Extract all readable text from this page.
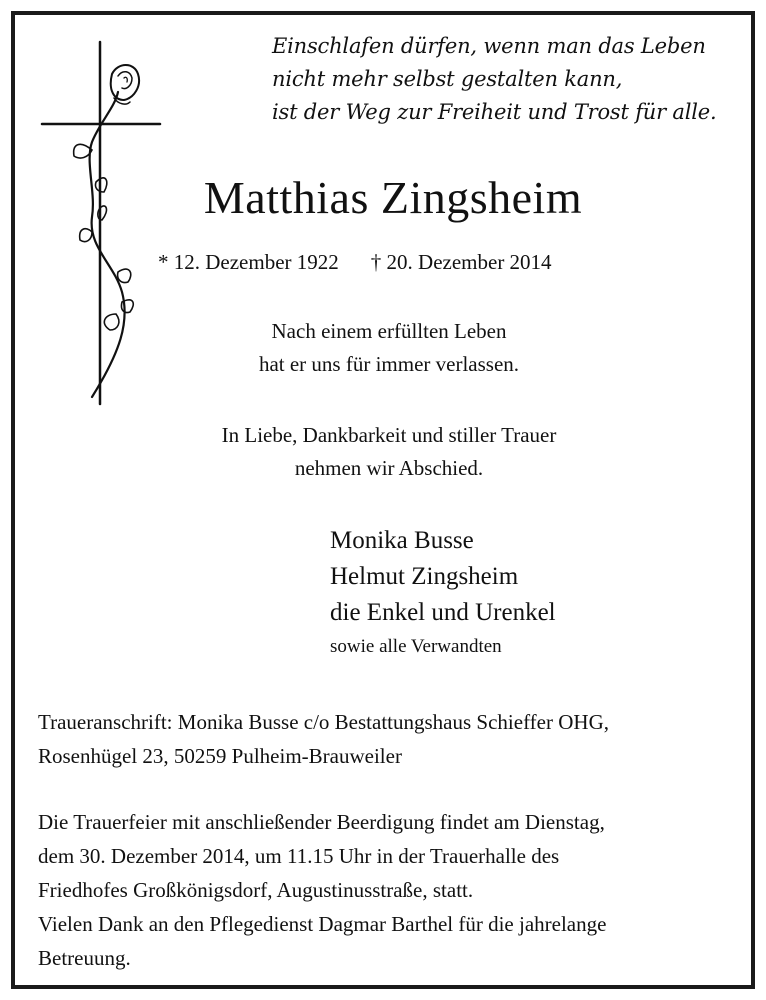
Einschlafen dürfen, wenn man das Leben
nicht mehr selbst gestalten kann,
ist der Weg zur Freiheit und Trost für alle.
Matthias Zingsheim
* 12. Dezember 1922 † 20. Dezember 2014
Nach einem erfüllten Leben
hat er uns für immer verlassen.
In Liebe, Dankbarkeit und stiller Trauer
nehmen wir Abschied.
Monika Busse
Helmut Zingsheim
die Enkel und Urenkel
sowie alle Verwandten
Traueranschrift: Monika Busse c/o Bestattungshaus Schieffer OHG,
Rosenhügel 23, 50259 Pulheim-Brauweiler
Die Trauerfeier mit anschließender Beerdigung findet am Dienstag,
dem 30. Dezember 2014, um 11.15 Uhr in der Trauerhalle des
Friedhofes Großkönigsdorf, Augustinusstraße, statt.
Vielen Dank an den Pflegedienst Dagmar Barthel für die jahrelange
Betreuung.
